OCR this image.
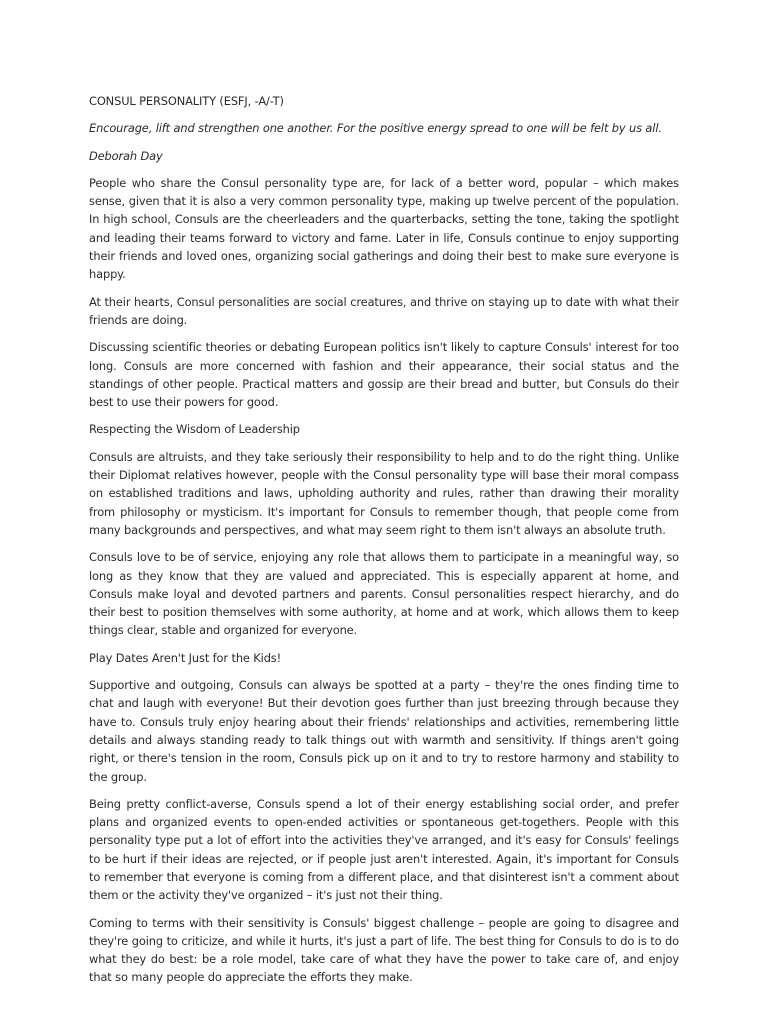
CONSUL PERSONALITY (ESFJ, -A/-T)

Encourage, lift and strengthen one another. For the positive energy spread to one will be felt by us all.

Deborah Day

People who share the Consul personality type are, for lack of a better word, popular – which makes sense, given that it is also a very common personality type, making up twelve percent of the population. In high school, Consuls are the cheerleaders and the quarterbacks, setting the tone, taking the spotlight and leading their teams forward to victory and fame. Later in life, Consuls continue to enjoy supporting their friends and loved ones, organizing social gatherings and doing their best to make sure everyone is happy.

At their hearts, Consul personalities are social creatures, and thrive on staying up to date with what their friends are doing.

Discussing scientific theories or debating European politics isn't likely to capture Consuls' interest for too long. Consuls are more concerned with fashion and their appearance, their social status and the standings of other people. Practical matters and gossip are their bread and butter, but Consuls do their best to use their powers for good.

Respecting the Wisdom of Leadership

Consuls are altruists, and they take seriously their responsibility to help and to do the right thing. Unlike their Diplomat relatives however, people with the Consul personality type will base their moral compass on established traditions and laws, upholding authority and rules, rather than drawing their morality from philosophy or mysticism. It's important for Consuls to remember though, that people come from many backgrounds and perspectives, and what may seem right to them isn't always an absolute truth.

Consuls love to be of service, enjoying any role that allows them to participate in a meaningful way, so long as they know that they are valued and appreciated. This is especially apparent at home, and Consuls make loyal and devoted partners and parents. Consul personalities respect hierarchy, and do their best to position themselves with some authority, at home and at work, which allows them to keep things clear, stable and organized for everyone.

Play Dates Aren't Just for the Kids!

Supportive and outgoing, Consuls can always be spotted at a party – they're the ones finding time to chat and laugh with everyone! But their devotion goes further than just breezing through because they have to. Consuls truly enjoy hearing about their friends' relationships and activities, remembering little details and always standing ready to talk things out with warmth and sensitivity. If things aren't going right, or there's tension in the room, Consuls pick up on it and to try to restore harmony and stability to the group.

Being pretty conflict-averse, Consuls spend a lot of their energy establishing social order, and prefer plans and organized events to open-ended activities or spontaneous get-togethers. People with this personality type put a lot of effort into the activities they've arranged, and it's easy for Consuls' feelings to be hurt if their ideas are rejected, or if people just aren't interested. Again, it's important for Consuls to remember that everyone is coming from a different place, and that disinterest isn't a comment about them or the activity they've organized – it's just not their thing.

Coming to terms with their sensitivity is Consuls' biggest challenge – people are going to disagree and they're going to criticize, and while it hurts, it's just a part of life. The best thing for Consuls to do is to do what they do best: be a role model, take care of what they have the power to take care of, and enjoy that so many people do appreciate the efforts they make.
